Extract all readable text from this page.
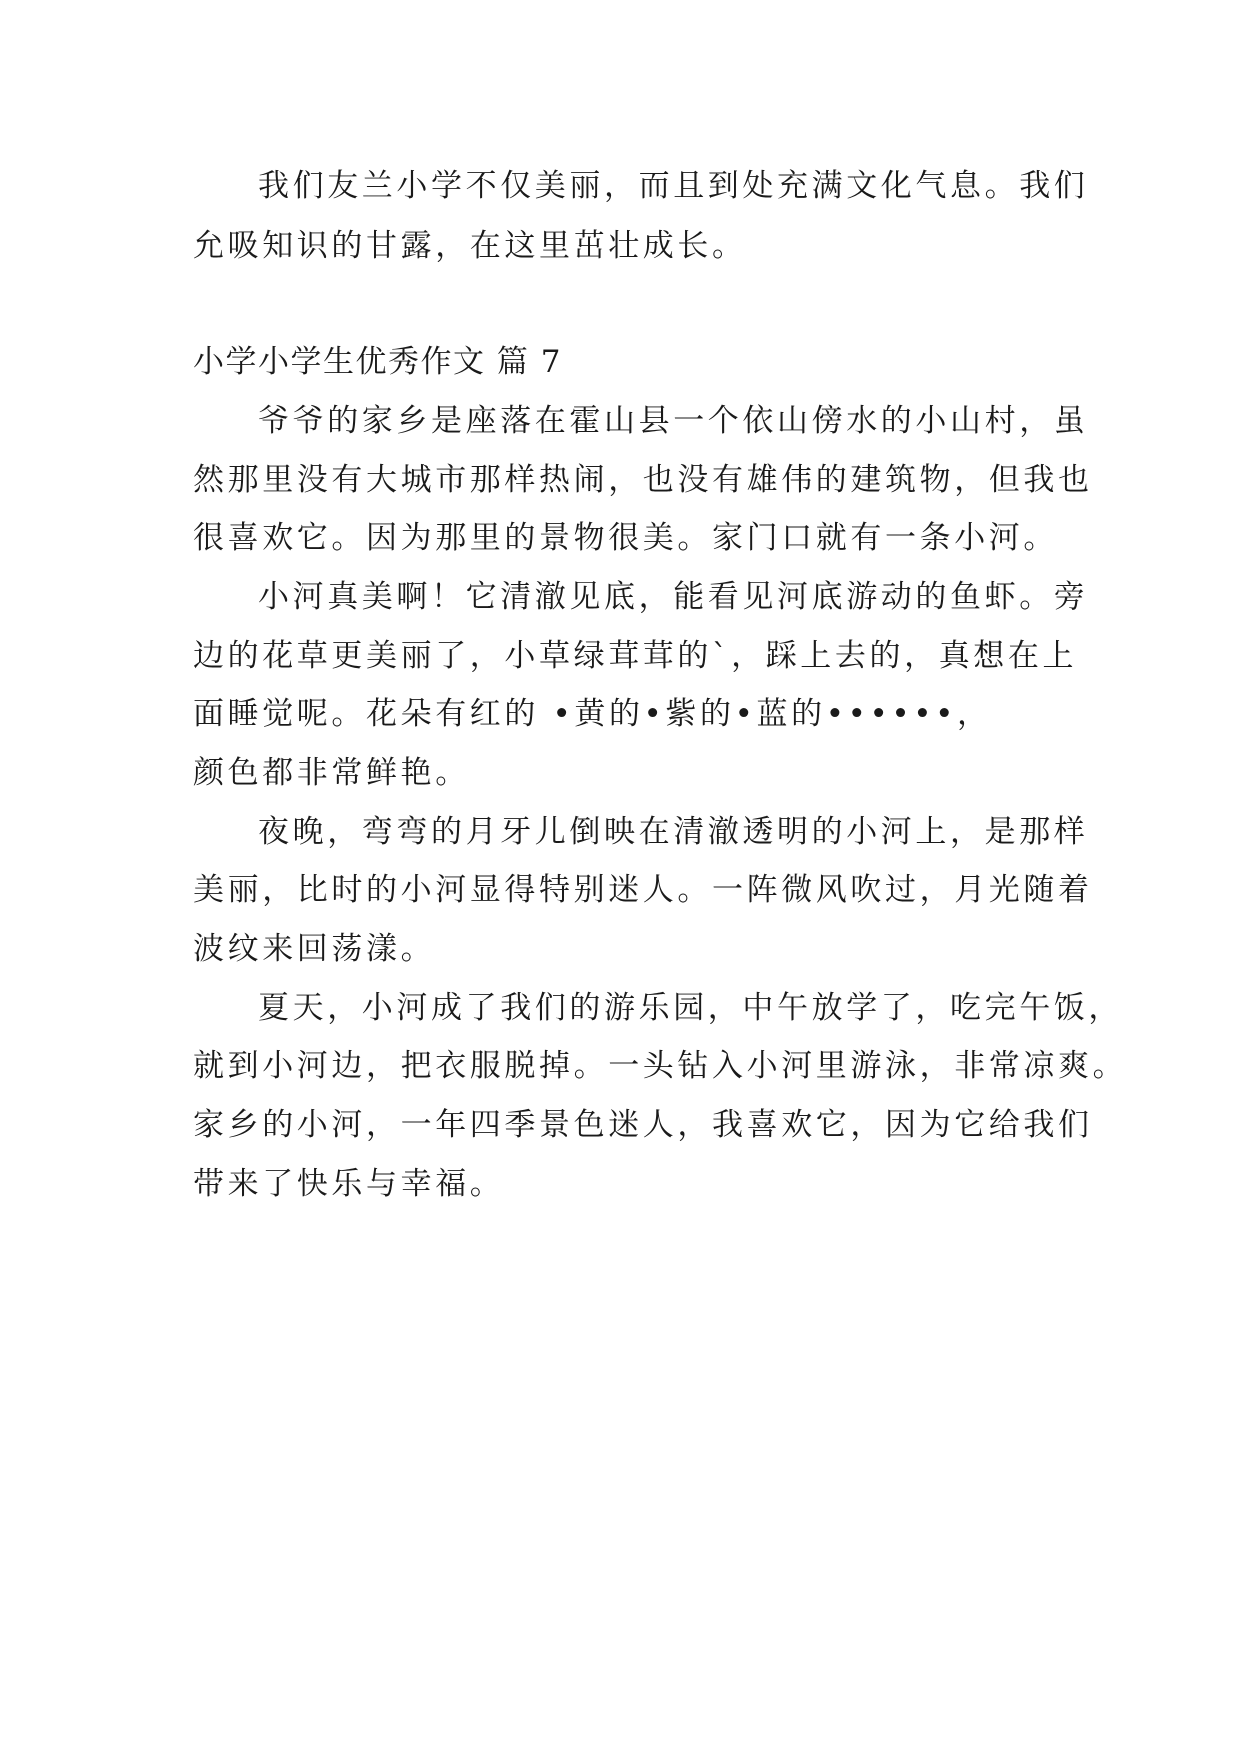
我们友兰小学不仅美丽，而且到处充满文化气息。我们
允吸知识的甘露，在这里茁壮成长。
小学小学生优秀作文 篇 7
爷爷的家乡是座落在霍山县一个依山傍水的小山村，虽
然那里没有大城市那样热闹，也没有雄伟的建筑物，但我也
很喜欢它。因为那里的景物很美。家门口就有一条小河。
小河真美啊！它清澈见底，能看见河底游动的鱼虾。旁
边的花草更美丽了，小草绿茸茸的`，踩上去的，真想在上
面睡觉呢。花朵有红的 •黄的•紫的•蓝的••••••，
颜色都非常鲜艳。
夜晚，弯弯的月牙儿倒映在清澈透明的小河上，是那样
美丽，比时的小河显得特别迷人。一阵微风吹过，月光随着
波纹来回荡漾。
夏天，小河成了我们的游乐园，中午放学了，吃完午饭，
就到小河边，把衣服脱掉。一头钻入小河里游泳，非常凉爽。
家乡的小河，一年四季景色迷人，我喜欢它，因为它给我们
带来了快乐与幸福。
